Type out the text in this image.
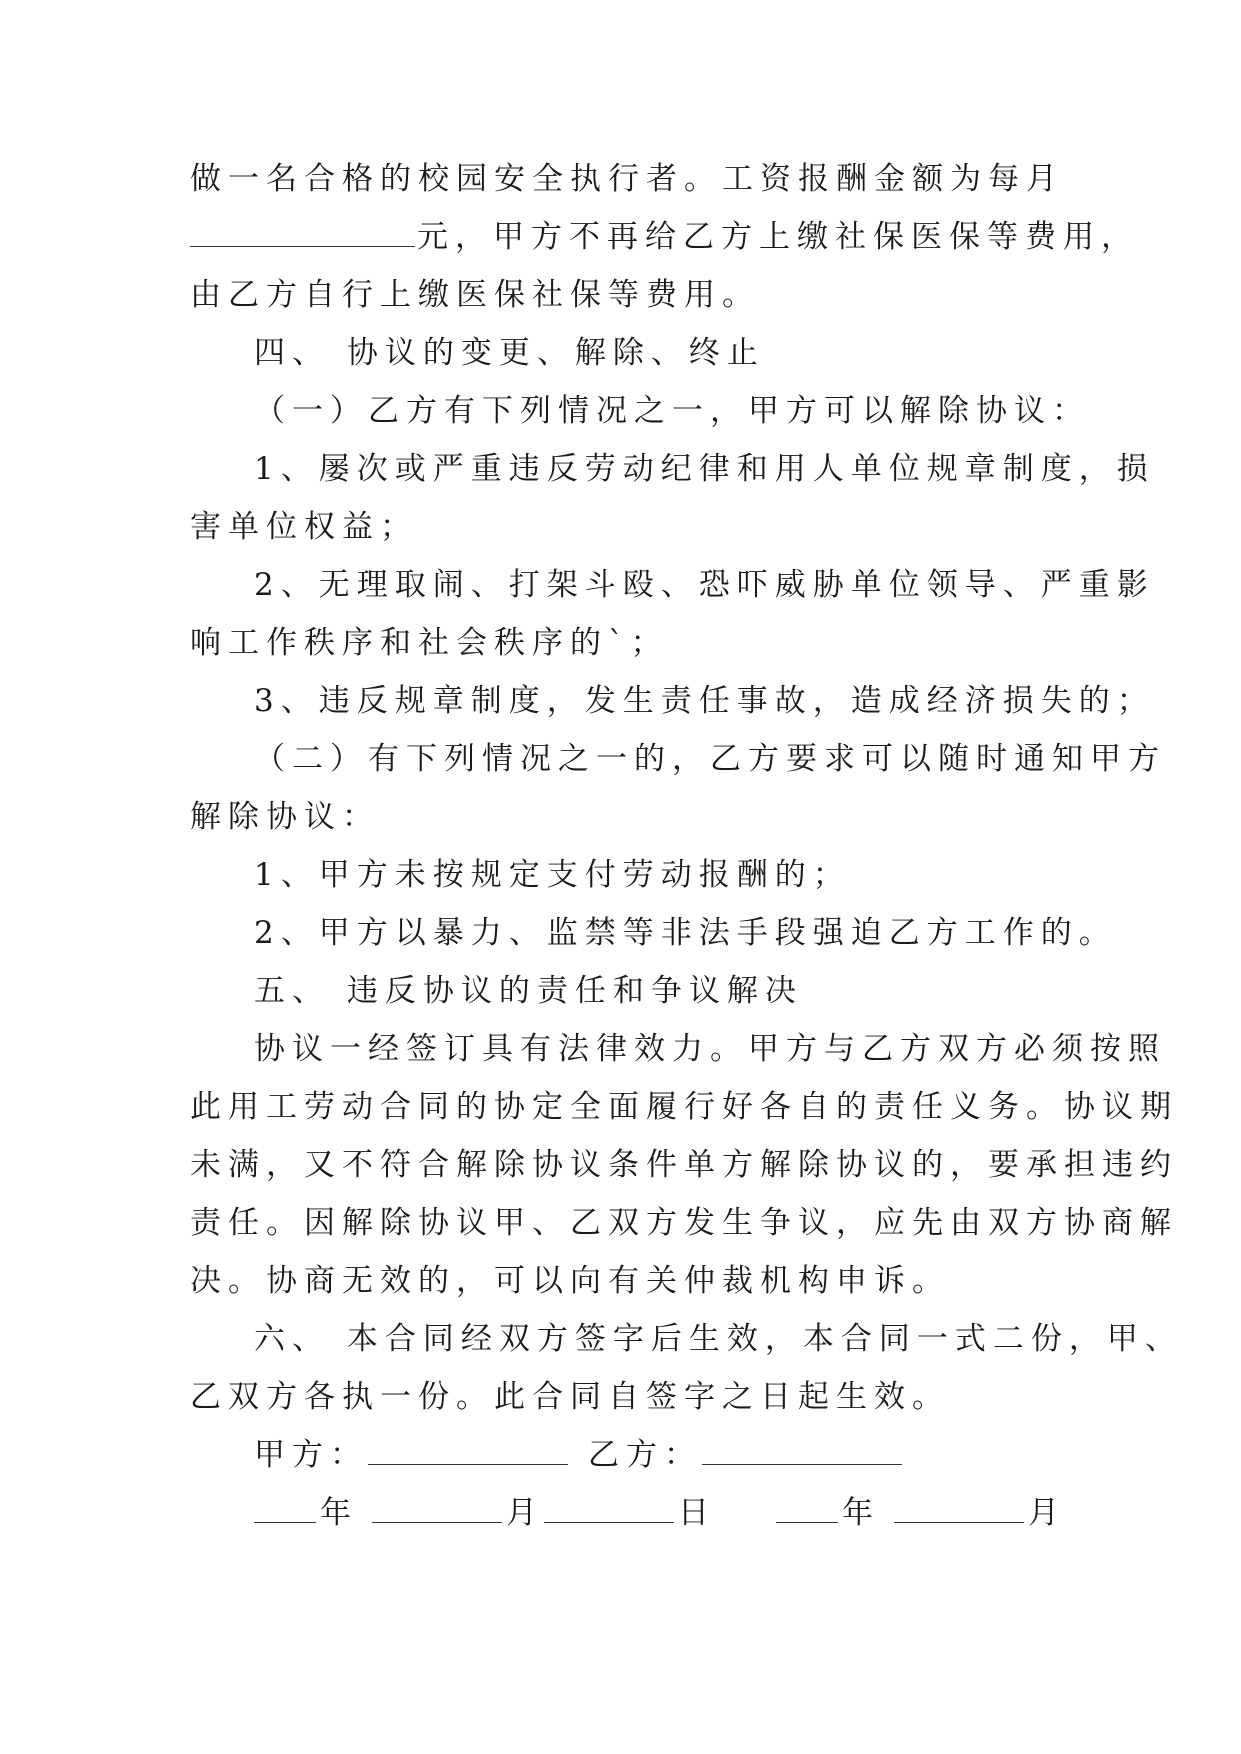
做一名合格的校园安全执行者。工资报酬金额为每月
元，甲方不再给乙方上缴社保医保等费用，
由乙方自行上缴医保社保等费用。
四、 协议的变更、解除、终止
（一）乙方有下列情况之一，甲方可以解除协议：
1、屡次或严重违反劳动纪律和用人单位规章制度，损
害单位权益；
2、无理取闹、打架斗殴、恐吓威胁单位领导、严重影
响工作秩序和社会秩序的`；
3、违反规章制度，发生责任事故，造成经济损失的；
（二）有下列情况之一的，乙方要求可以随时通知甲方
解除协议：
1、甲方未按规定支付劳动报酬的；
2、甲方以暴力、监禁等非法手段强迫乙方工作的。
五、 违反协议的责任和争议解决
协议一经签订具有法律效力。甲方与乙方双方必须按照
此用工劳动合同的协定全面履行好各自的责任义务。协议期
未满，又不符合解除协议条件单方解除协议的，要承担违约
责任。因解除协议甲、乙双方发生争议，应先由双方协商解
决。协商无效的，可以向有关仲裁机构申诉。
六、 本合同经双方签字后生效，本合同一式二份，甲、
乙双方各执一份。此合同自签字之日起生效。
甲方：	乙方：
年	月	日	年	月
